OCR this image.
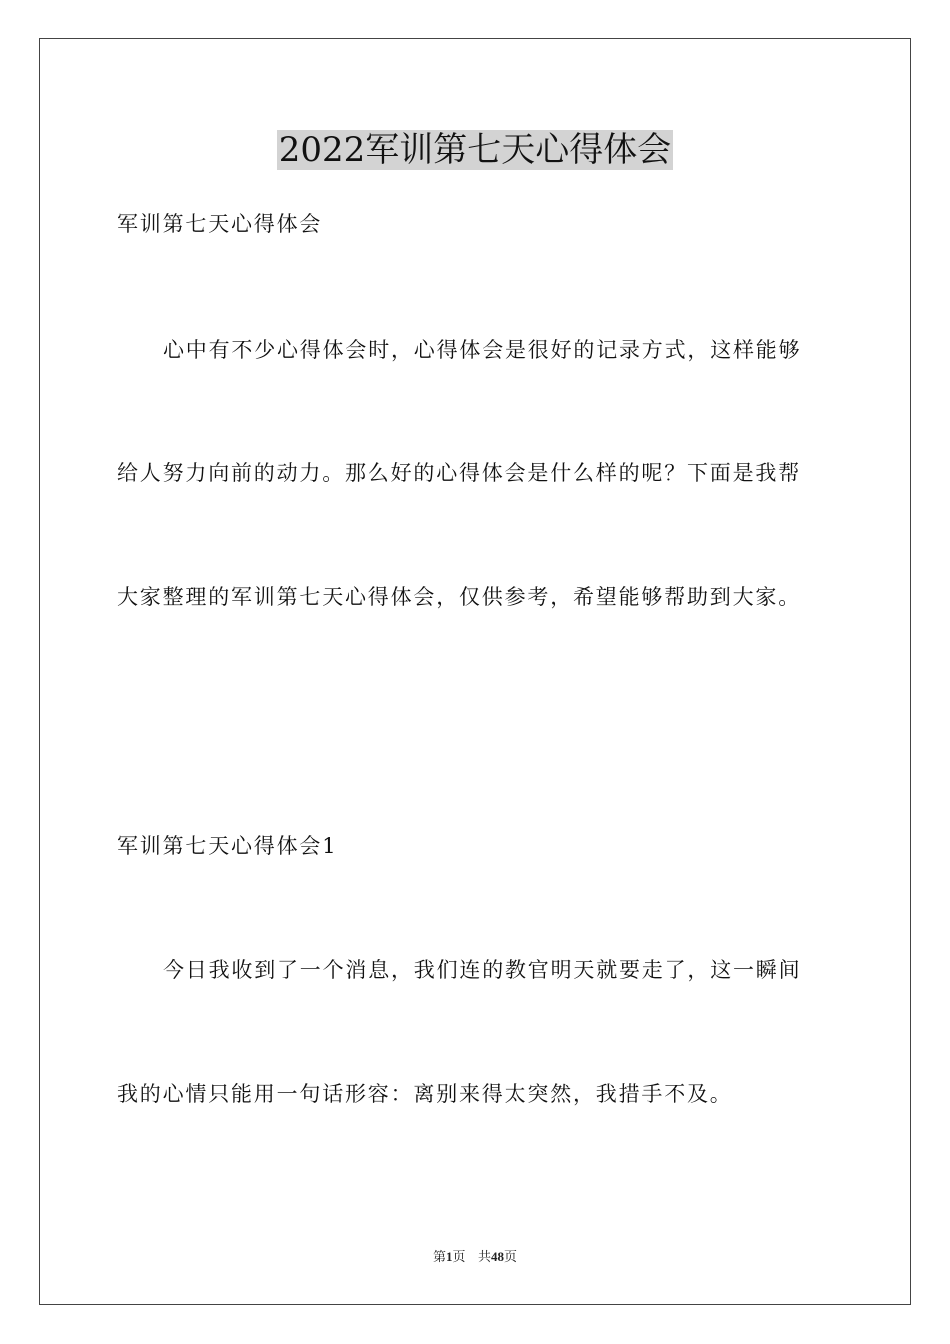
2022军训第七天心得体会
军训第七天心得体会
心中有不少心得体会时，心得体会是很好的记录方式，这样能够
给人努力向前的动力。那么好的心得体会是什么样的呢？下面是我帮
大家整理的军训第七天心得体会，仅供参考，希望能够帮助到大家。
军训第七天心得体会1
今日我收到了一个消息，我们连的教官明天就要走了，这一瞬间
我的心情只能用一句话形容：离别来得太突然，我措手不及。
第1页 共48页
